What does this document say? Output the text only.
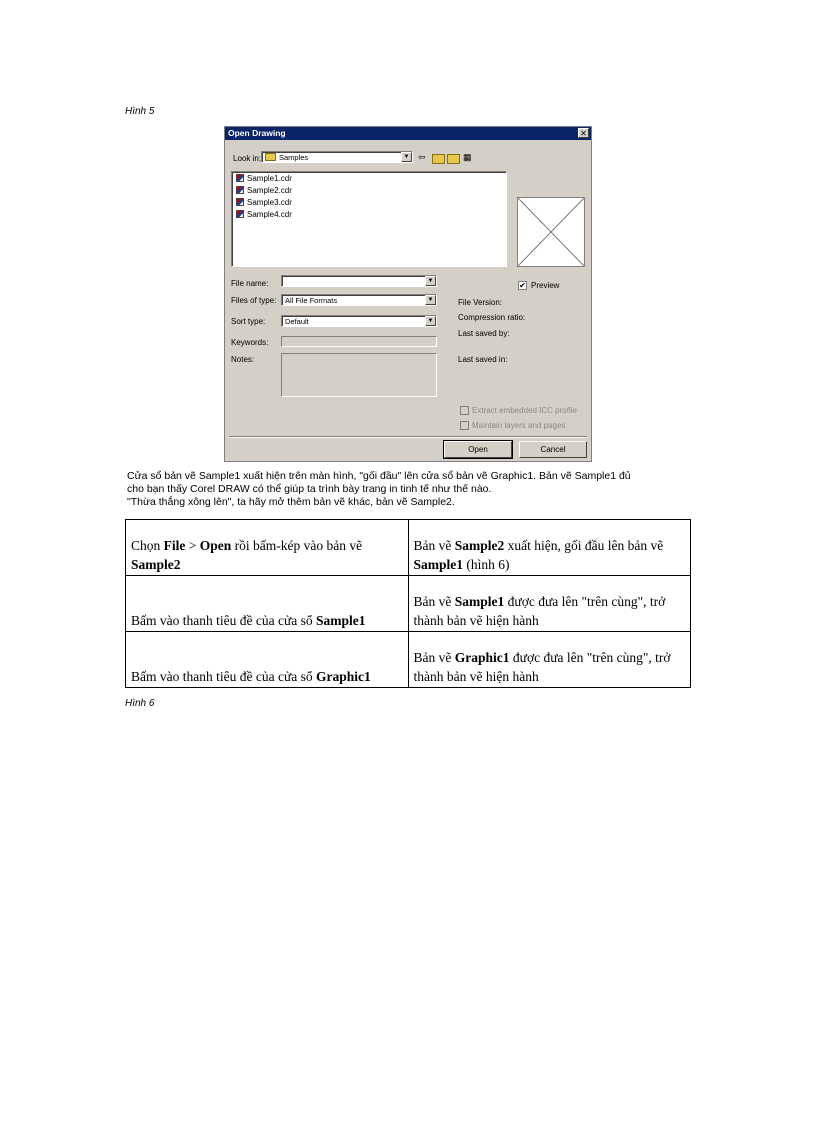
Hình 5
Open Drawing	✕
Look in:	Samples	▼ ⇦	▦
Sample1.cdr
Sample2.cdr
Sample3.cdr
Sample4.cdr
File name:	▼
Files of type: All File Formats	▼
Sort type:	Default	▼
Keywords:
Notes:
✔ Preview
File Version:
Compression ratio:
Last saved by:
Last saved in:
Extract embedded ICC profile
Maintain layers and pages
Open	Cancel

Cửa sổ bản vẽ Sample1 xuất hiện trên màn hình, "gối đầu" lên cửa sổ bản vẽ Graphic1. Bản vẽ Sample1 đủ

cho bạn thấy Corel DRAW có thể giúp ta trình bày trang in tinh tế như thế nào.

"Thừa thắng xông lên", ta hãy mở thêm bản vẽ khác, bản vẽ Sample2.

Chọn File > Open rồi bấm-kép vào bản vẽ Sample2	Bản vẽ Sample2 xuất hiện, gối đầu lên bản vẽ Sample1 (hình 6)
Bấm vào thanh tiêu đề của cửa sổ Sample1	Bản vẽ Sample1 được đưa lên "trên cùng", trở thành bản vẽ hiện hành
Bấm vào thanh tiêu đề của cửa sổ Graphic1	Bản vẽ Graphic1 được đưa lên "trên cùng", trở thành bản vẽ hiện hành
Hình 6
